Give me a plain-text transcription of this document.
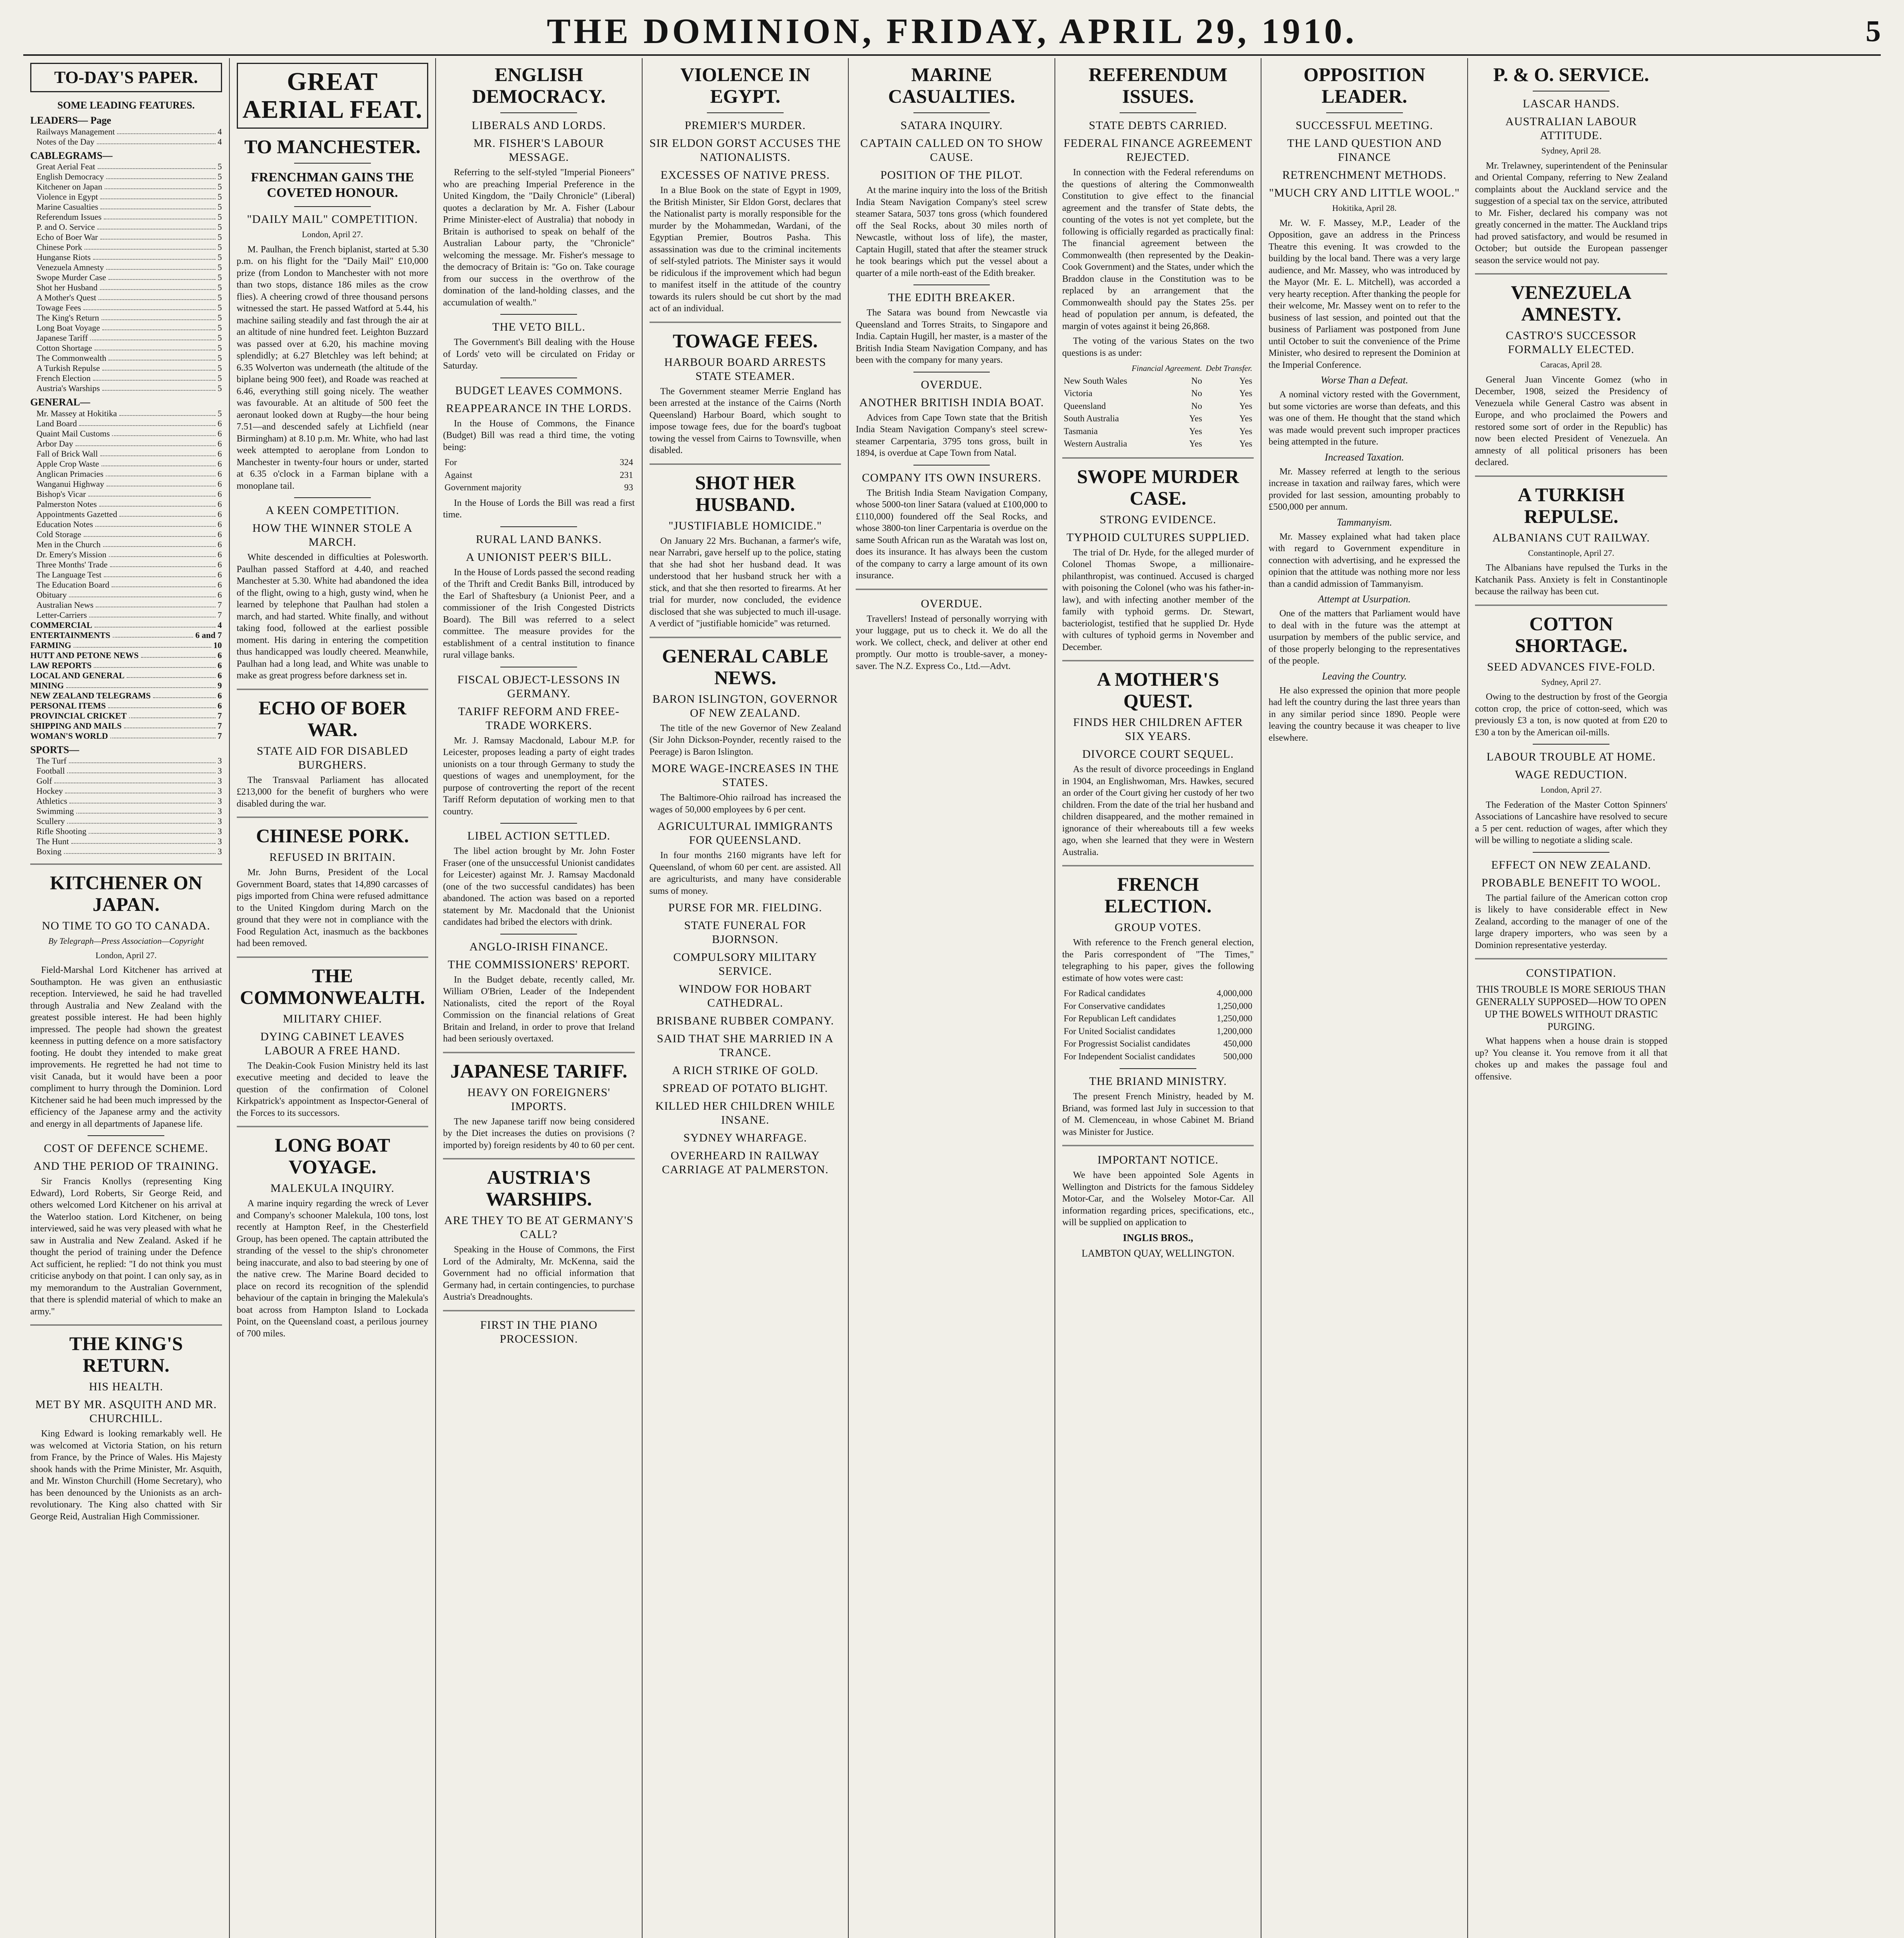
THE DOMINION, FRIDAY, APRIL 29, 1910.	5
TO-DAY'S PAPER.
SOME LEADING FEATURES.
LEADERS— Page
Railways Management	4
Notes of the Day	4
CABLEGRAMS—
Great Aerial Feat	5
English Democracy	5
Kitchener on Japan	5
Violence in Egypt	5
Marine Casualties	5
Referendum Issues	5
P. and O. Service	5
Echo of Boer War	5
Chinese Pork	5
Hunganse Riots	5
Venezuela Amnesty	5
Swope Murder Case	5
Shot her Husband	5
A Mother's Quest	5
Towage Fees	5
The King's Return	5
Long Boat Voyage	5
Japanese Tariff	5
Cotton Shortage	5
The Commonwealth	5
A Turkish Repulse	5
French Election	5
Austria's Warships	5
GENERAL—
Mr. Massey at Hokitika	5
Land Board	6
Quaint Mail Customs	6
Arbor Day	6
Fall of Brick Wall	6
Apple Crop Waste	6
Anglican Primacies	6
Wanganui Highway	6
Bishop's Vicar	6
Palmerston Notes	6
Appointments Gazetted	6
Education Notes	6
Cold Storage	6
Men in the Church	6
Dr. Emery's Mission	6
Three Months' Trade	6
The Language Test	6
The Education Board	6
Obituary	6
Australian News	7
Letter-Carriers	7
COMMERCIAL	4
ENTERTAINMENTS	6 and 7
FARMING	10
HUTT AND PETONE NEWS	6
LAW REPORTS	6
LOCAL AND GENERAL	6
MINING	9
NEW ZEALAND TELEGRAMS	6
PERSONAL ITEMS	6
PROVINCIAL CRICKET	7
SHIPPING AND MAILS	7
WOMAN'S WORLD	7
SPORTS—
The Turf	3
Football	3
Golf	3
Hockey	3
Athletics	3
Swimming	3
Scullery	3
Rifle Shooting	3
The Hunt	3
Boxing	3
KITCHENER ON JAPAN.
NO TIME TO GO TO CANADA.
By Telegraph—Press Association—Copyright
London, April 27.

Field-Marshal Lord Kitchener has arrived at Southampton. He was given an enthusiastic reception. Interviewed, he said he had travelled through Australia and New Zealand with the greatest possible interest. He had been highly impressed. The people had shown the greatest keenness in putting defence on a more satisfactory footing. He doubt they intended to make great improvements. He regretted he had not time to visit Canada, but it would have been a poor compliment to hurry through the Dominion. Lord Kitchener said he had been much impressed by the efficiency of the Japanese army and the activity and energy in all departments of Japanese life.

COST OF DEFENCE SCHEME.
AND THE PERIOD OF TRAINING.

Sir Francis Knollys (representing King Edward), Lord Roberts, Sir George Reid, and others welcomed Lord Kitchener on his arrival at the Waterloo station. Lord Kitchener, on being interviewed, said he was very pleased with what he saw in Australia and New Zealand. Asked if he thought the period of training under the Defence Act sufficient, he replied: "I do not think you must criticise anybody on that point. I can only say, as in my memorandum to the Australian Government, that there is splendid material of which to make an army."

THE KING'S RETURN.
HIS HEALTH.
MET BY MR. ASQUITH AND MR. CHURCHILL.

King Edward is looking remarkably well. He was welcomed at Victoria Station, on his return from France, by the Prince of Wales. His Majesty shook hands with the Prime Minister, Mr. Asquith, and Mr. Winston Churchill (Home Secretary), who has been denounced by the Unionists as an arch-revolutionary. The King also chatted with Sir George Reid, Australian High Commissioner.

GREAT AERIAL FEAT.
TO MANCHESTER.
FRENCHMAN GAINS THE COVETED HONOUR.
"DAILY MAIL" COMPETITION.
London, April 27.

M. Paulhan, the French biplanist, started at 5.30 p.m. on his flight for the "Daily Mail" £10,000 prize (from London to Manchester with not more than two stops, distance 186 miles as the crow flies). A cheering crowd of three thousand persons witnessed the start. He passed Watford at 5.44, his machine sailing steadily and fast through the air at an altitude of nine hundred feet. Leighton Buzzard was passed over at 6.20, his machine moving splendidly; at 6.27 Bletchley was left behind; at 6.35 Wolverton was underneath (the altitude of the biplane being 900 feet), and Roade was reached at 6.46, everything still going nicely. The weather was favourable. At an altitude of 500 feet the aeronaut looked down at Rugby—the hour being 7.51—and descended safely at Lichfield (near Birmingham) at 8.10 p.m. Mr. White, who had last week attempted to aeroplane from London to Manchester in twenty-four hours or under, started at 6.35 o'clock in a Farman biplane with a monoplane tail.

A KEEN COMPETITION.
HOW THE WINNER STOLE A MARCH.

White descended in difficulties at Polesworth. Paulhan passed Stafford at 4.40, and reached Manchester at 5.30. White had abandoned the idea of the flight, owing to a high, gusty wind, when he learned by telephone that Paulhan had stolen a march, and had started. White finally, and without taking food, followed at the earliest possible moment. His daring in entering the competition thus handicapped was loudly cheered. Meanwhile, Paulhan had a long lead, and White was unable to make as great progress before darkness set in.

ECHO OF BOER WAR.
STATE AID FOR DISABLED BURGHERS.

The Transvaal Parliament has allocated £213,000 for the benefit of burghers who were disabled during the war.

CHINESE PORK.
REFUSED IN BRITAIN.

Mr. John Burns, President of the Local Government Board, states that 14,890 carcasses of pigs imported from China were refused admittance to the United Kingdom during March on the ground that they were not in compliance with the Food Regulation Act, inasmuch as the backbones had been removed.

THE COMMONWEALTH.
MILITARY CHIEF.
DYING CABINET LEAVES LABOUR A FREE HAND.

The Deakin-Cook Fusion Ministry held its last executive meeting and decided to leave the question of the confirmation of Colonel Kirkpatrick's appointment as Inspector-General of the Forces to its successors.

LONG BOAT VOYAGE.
MALEKULA INQUIRY.

A marine inquiry regarding the wreck of Lever and Company's schooner Malekula, 100 tons, lost recently at Hampton Reef, in the Chesterfield Group, has been opened. The captain attributed the stranding of the vessel to the ship's chronometer being inaccurate, and also to bad steering by one of the native crew. The Marine Board decided to place on record its recognition of the splendid behaviour of the captain in bringing the Malekula's boat across from Hampton Island to Lockada Point, on the Queensland coast, a perilous journey of 700 miles.

ENGLISH DEMOCRACY.
LIBERALS AND LORDS.
MR. FISHER'S LABOUR MESSAGE.

Referring to the self-styled "Imperial Pioneers" who are preaching Imperial Preference in the United Kingdom, the "Daily Chronicle" (Liberal) quotes a declaration by Mr. A. Fisher (Labour Prime Minister-elect of Australia) that nobody in Britain is authorised to speak on behalf of the Australian Labour party, the "Chronicle" welcoming the message. Mr. Fisher's message to the democracy of Britain is: "Go on. Take courage from our success in the overthrow of the domination of the land-holding classes, and the accumulation of wealth."

THE VETO BILL.

The Government's Bill dealing with the House of Lords' veto will be circulated on Friday or Saturday.

BUDGET LEAVES COMMONS.
REAPPEARANCE IN THE LORDS.

In the House of Commons, the Finance (Budget) Bill was read a third time, the voting being:

For	324
Against	231
Government majority	93

In the House of Lords the Bill was read a first time.

RURAL LAND BANKS.
A UNIONIST PEER'S BILL.

In the House of Lords passed the second reading of the Thrift and Credit Banks Bill, introduced by the Earl of Shaftesbury (a Unionist Peer, and a commissioner of the Irish Congested Districts Board). The Bill was referred to a select committee. The measure provides for the establishment of a central institution to finance rural village banks.

FISCAL OBJECT-LESSONS IN GERMANY.
TARIFF REFORM AND FREE-TRADE WORKERS.

Mr. J. Ramsay Macdonald, Labour M.P. for Leicester, proposes leading a party of eight trades unionists on a tour through Germany to study the questions of wages and unemployment, for the purpose of controverting the report of the recent Tariff Reform deputation of working men to that country.

LIBEL ACTION SETTLED.

The libel action brought by Mr. John Foster Fraser (one of the unsuccessful Unionist candidates for Leicester) against Mr. J. Ramsay Macdonald (one of the two successful candidates) has been abandoned. The action was based on a reported statement by Mr. Macdonald that the Unionist candidates had bribed the electors with drink.

ANGLO-IRISH FINANCE.
THE COMMISSIONERS' REPORT.

In the Budget debate, recently called, Mr. William O'Brien, Leader of the Independent Nationalists, cited the report of the Royal Commission on the financial relations of Great Britain and Ireland, in order to prove that Ireland had been seriously overtaxed.

JAPANESE TARIFF.
HEAVY ON FOREIGNERS' IMPORTS.

The new Japanese tariff now being considered by the Diet increases the duties on provisions (? imported by) foreign residents by 40 to 60 per cent.

AUSTRIA'S WARSHIPS.
ARE THEY TO BE AT GERMANY'S CALL?

Speaking in the House of Commons, the First Lord of the Admiralty, Mr. McKenna, said the Government had no official information that Germany had, in certain contingencies, to purchase Austria's Dreadnoughts.

FIRST IN THE PIANO PROCESSION.
VIOLENCE IN EGYPT.
PREMIER'S MURDER.
SIR ELDON GORST ACCUSES THE NATIONALISTS.
EXCESSES OF NATIVE PRESS.

In a Blue Book on the state of Egypt in 1909, the British Minister, Sir Eldon Gorst, declares that the Nationalist party is morally responsible for the murder by the Mohammedan, Wardani, of the Egyptian Premier, Boutros Pasha. This assassination was due to the criminal incitements of self-styled patriots. The Minister says it would be ridiculous if the improvement which had begun to manifest itself in the attitude of the country towards its rulers should be cut short by the mad act of an individual.

TOWAGE FEES.
HARBOUR BOARD ARRESTS STATE STEAMER.

The Government steamer Merrie England has been arrested at the instance of the Cairns (North Queensland) Harbour Board, which sought to impose towage fees, due for the board's tugboat towing the vessel from Cairns to Townsville, when disabled.

SHOT HER HUSBAND.
"JUSTIFIABLE HOMICIDE."

On January 22 Mrs. Buchanan, a farmer's wife, near Narrabri, gave herself up to the police, stating that she had shot her husband dead. It was understood that her husband struck her with a stick, and that she then resorted to firearms. At her trial for murder, now concluded, the evidence disclosed that she was subjected to much ill-usage. A verdict of "justifiable homicide" was returned.

GENERAL CABLE NEWS.
BARON ISLINGTON, GOVERNOR OF NEW ZEALAND.

The title of the new Governor of New Zealand (Sir John Dickson-Poynder, recently raised to the Peerage) is Baron Islington.

MORE WAGE-INCREASES IN THE STATES.

The Baltimore-Ohio railroad has increased the wages of 50,000 employees by 6 per cent.

AGRICULTURAL IMMIGRANTS FOR QUEENSLAND.

In four months 2160 migrants have left for Queensland, of whom 60 per cent. are assisted. All are agriculturists, and many have considerable sums of money.

PURSE FOR MR. FIELDING.
STATE FUNERAL FOR BJORNSON.
COMPULSORY MILITARY SERVICE.
WINDOW FOR HOBART CATHEDRAL.
BRISBANE RUBBER COMPANY.
SAID THAT SHE MARRIED IN A TRANCE.
A RICH STRIKE OF GOLD.
SPREAD OF POTATO BLIGHT.
KILLED HER CHILDREN WHILE INSANE.
SYDNEY WHARFAGE.
OVERHEARD IN RAILWAY CARRIAGE AT PALMERSTON.
MARINE CASUALTIES.
SATARA INQUIRY.
CAPTAIN CALLED ON TO SHOW CAUSE.
POSITION OF THE PILOT.

At the marine inquiry into the loss of the British India Steam Navigation Company's steel screw steamer Satara, 5037 tons gross (which foundered off the Seal Rocks, about 30 miles north of Newcastle, without loss of life), the master, Captain Hugill, stated that after the steamer struck he took bearings which put the vessel about a quarter of a mile north-east of the Edith breaker.

THE EDITH BREAKER.

The Satara was bound from Newcastle via Queensland and Torres Straits, to Singapore and India. Captain Hugill, her master, is a master of the British India Steam Navigation Company, and has been with the company for many years.

OVERDUE.
ANOTHER BRITISH INDIA BOAT.

Advices from Cape Town state that the British India Steam Navigation Company's steel screw-steamer Carpentaria, 3795 tons gross, built in 1894, is overdue at Cape Town from Natal.

COMPANY ITS OWN INSURERS.

The British India Steam Navigation Company, whose 5000-ton liner Satara (valued at £100,000 to £110,000) foundered off the Seal Rocks, and whose 3800-ton liner Carpentaria is overdue on the same South African run as the Waratah was lost on, does its insurance. It has always been the custom of the company to carry a large amount of its own insurance.

OVERDUE.

Travellers! Instead of personally worrying with your luggage, put us to check it. We do all the work. We collect, check, and deliver at other end promptly. Our motto is trouble-saver, a money-saver. The N.Z. Express Co., Ltd.—Advt.

REFERENDUM ISSUES.
STATE DEBTS CARRIED.
FEDERAL FINANCE AGREEMENT REJECTED.

In connection with the Federal referendums on the questions of altering the Commonwealth Constitution to give effect to the financial agreement and the transfer of State debts, the counting of the votes is not yet complete, but the following is officially regarded as practically final: The financial agreement between the Commonwealth (then represented by the Deakin-Cook Government) and the States, under which the Braddon clause in the Constitution was to be replaced by an arrangement that the Commonwealth should pay the States 25s. per head of population per annum, is defeated, the margin of votes against it being 26,868.

The voting of the various States on the two questions is as under:

	Financial Agreement.	Debt Transfer.
New South Wales	No	Yes
Victoria	No	Yes
Queensland	No	Yes
South Australia	Yes	Yes
Tasmania	Yes	Yes
Western Australia	Yes	Yes
SWOPE MURDER CASE.
STRONG EVIDENCE.
TYPHOID CULTURES SUPPLIED.

The trial of Dr. Hyde, for the alleged murder of Colonel Thomas Swope, a millionaire-philanthropist, was continued. Accused is charged with poisoning the Colonel (who was his father-in-law), and with infecting another member of the family with typhoid germs. Dr. Stewart, bacteriologist, testified that he supplied Dr. Hyde with cultures of typhoid germs in November and December.

A MOTHER'S QUEST.
FINDS HER CHILDREN AFTER SIX YEARS.
DIVORCE COURT SEQUEL.

As the result of divorce proceedings in England in 1904, an Englishwoman, Mrs. Hawkes, secured an order of the Court giving her custody of her two children. From the date of the trial her husband and children disappeared, and the mother remained in ignorance of their whereabouts till a few weeks ago, when she learned that they were in Western Australia.

FRENCH ELECTION.
GROUP VOTES.

With reference to the French general election, the Paris correspondent of "The Times," telegraphing to his paper, gives the following estimate of how votes were cast:

For Radical candidates	4,000,000
For Conservative candidates	1,250,000
For Republican Left candidates	1,250,000
For United Socialist candidates	1,200,000
For Progressist Socialist candidates	450,000
For Independent Socialist candidates	500,000
THE BRIAND MINISTRY.

The present French Ministry, headed by M. Briand, was formed last July in succession to that of M. Clemenceau, in whose Cabinet M. Briand was Minister for Justice.

IMPORTANT NOTICE.

We have been appointed Sole Agents in Wellington and Districts for the famous Siddeley Motor-Car, and the Wolseley Motor-Car. All information regarding prices, specifications, etc., will be supplied on application to

INGLIS BROS.,
LAMBTON QUAY, WELLINGTON.
OPPOSITION LEADER.
SUCCESSFUL MEETING.
THE LAND QUESTION AND FINANCE
RETRENCHMENT METHODS.
"MUCH CRY AND LITTLE WOOL."
Hokitika, April 28.

Mr. W. F. Massey, M.P., Leader of the Opposition, gave an address in the Princess Theatre this evening. It was crowded to the building by the local band. There was a very large audience, and Mr. Massey, who was introduced by the Mayor (Mr. E. L. Mitchell), was accorded a very hearty reception. After thanking the people for their welcome, Mr. Massey went on to refer to the business of last session, and pointed out that the business of Parliament was postponed from June until October to suit the convenience of the Prime Minister, who desired to represent the Dominion at the Imperial Conference.

Worse Than a Defeat.

A nominal victory rested with the Government, but some victories are worse than defeats, and this was one of them. He thought that the stand which was made would prevent such improper practices being attempted in the future.

Increased Taxation.

Mr. Massey referred at length to the serious increase in taxation and railway fares, which were provided for last session, amounting probably to £500,000 per annum.

Tammanyism.

Mr. Massey explained what had taken place with regard to Government expenditure in connection with advertising, and he expressed the opinion that the attitude was nothing more nor less than a candid admission of Tammanyism.

Attempt at Usurpation.

One of the matters that Parliament would have to deal with in the future was the attempt at usurpation by members of the public service, and of those properly belonging to the representatives of the people.

Leaving the Country.

He also expressed the opinion that more people had left the country during the last three years than in any similar period since 1890. People were leaving the country because it was cheaper to live elsewhere.

P. & O. SERVICE.
LASCAR HANDS.
AUSTRALIAN LABOUR ATTITUDE.
Sydney, April 28.

Mr. Trelawney, superintendent of the Peninsular and Oriental Company, referring to New Zealand complaints about the Auckland service and the suggestion of a special tax on the service, attributed to Mr. Fisher, declared his company was not greatly concerned in the matter. The Auckland trips had proved satisfactory, and would be resumed in October; but outside the European passenger season the service would not pay.

VENEZUELA AMNESTY.
CASTRO'S SUCCESSOR FORMALLY ELECTED.
Caracas, April 28.

General Juan Vincente Gomez (who in December, 1908, seized the Presidency of Venezuela while General Castro was absent in Europe, and who proclaimed the Powers and restored some sort of order in the Republic) has now been elected President of Venezuela. An amnesty of all political prisoners has been declared.

A TURKISH REPULSE.
ALBANIANS CUT RAILWAY.
Constantinople, April 27.

The Albanians have repulsed the Turks in the Katchanik Pass. Anxiety is felt in Constantinople because the railway has been cut.

COTTON SHORTAGE.
SEED ADVANCES FIVE-FOLD.
Sydney, April 27.

Owing to the destruction by frost of the Georgia cotton crop, the price of cotton-seed, which was previously £3 a ton, is now quoted at from £20 to £30 a ton by the American oil-mills.

LABOUR TROUBLE AT HOME.
WAGE REDUCTION.
London, April 27.

The Federation of the Master Cotton Spinners' Associations of Lancashire have resolved to secure a 5 per cent. reduction of wages, after which they will be willing to negotiate a sliding scale.

EFFECT ON NEW ZEALAND.
PROBABLE BENEFIT TO WOOL.

The partial failure of the American cotton crop is likely to have considerable effect in New Zealand, according to the manager of one of the large drapery importers, who was seen by a Dominion representative yesterday.

CONSTIPATION.
THIS TROUBLE IS MORE SERIOUS THAN GENERALLY SUPPOSED—HOW TO OPEN UP THE BOWELS WITHOUT DRASTIC PURGING.

What happens when a house drain is stopped up? You cleanse it. You remove from it all that chokes up and makes the passage foul and offensive.
